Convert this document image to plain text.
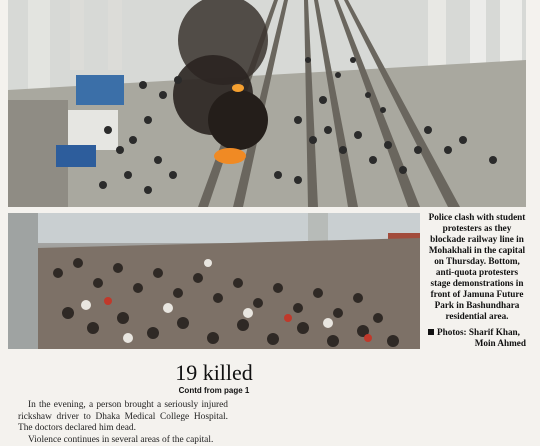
Police clash with student protesters as they blockade railway line in Mohakhali in the capital on Thursday. Bottom, anti-quota protesters stage demonstrations in front of Jamuna Future Park in Bashundhara residential area.

Photos: Sharif Khan,
Moin Ahmed
19 killed
Contd from page 1

In the evening, a person brought a seriously injured rickshaw driver to Dhaka Medical College Hospital. The doctors declared him dead.

Violence continues in several areas of the capital.
